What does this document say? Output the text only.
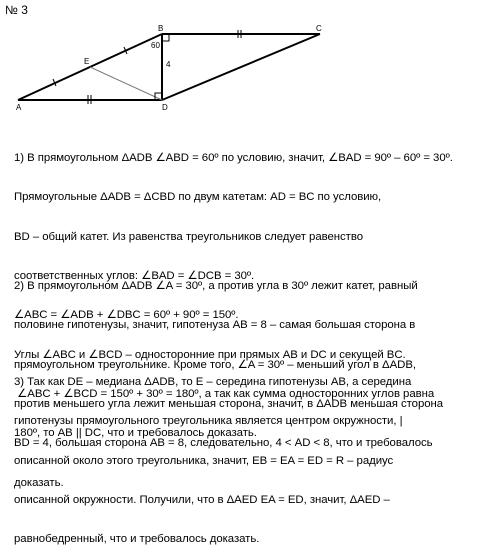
№ 3
A
B	C
D
E
60
4

1) В прямоугольном ΔADB ∠ABD = 60º по условию, значит, ∠BAD = 90º – 60º = 30º.

Прямоугольные ΔADB = ΔCBD по двум катетам: AD = BC по условию,

BD – общий катет. Из равенства треугольников следует равенство

соответственных углов: ∠BAD = ∠DCB = 30º.

∠ABC = ∠ADB + ∠DBC = 60º + 90º = 150º.

Углы ∠ABC и ∠BCD – односторонние при прямых AB и DC и секущей BC.

∠ABC + ∠BCD = 150º + 30º = 180º, а так как сумма односторонних углов равна

180º, то AB || DC, что и требовалось доказать.

2) В прямоугольном ΔADB ∠A = 30º, а против угла в 30º лежит катет, равный

половине гипотенузы, значит, гипотенуза AB = 8 – самая большая сторона в

прямоугольном треугольнике. Кроме того, ∠A = 30º – меньший угол в ΔADB,

против меньшего угла лежит меньшая сторона, значит, в ΔADB меньшая сторона

BD = 4, большая сторона AB = 8, следовательно, 4 < AD < 8, что и требовалось

доказать.

3) Так как DE – медиана ΔADB, то E – середина гипотенузы AB, а середина

гипотенузы прямоугольного треугольника является центром окружности, |

описанной около этого треугольника, значит, EB = EA = ED = R – радиус

описанной окружности. Получили, что в ΔAED EA = ED, значит, ΔAED –

равнобедренный, что и требовалось доказать.
